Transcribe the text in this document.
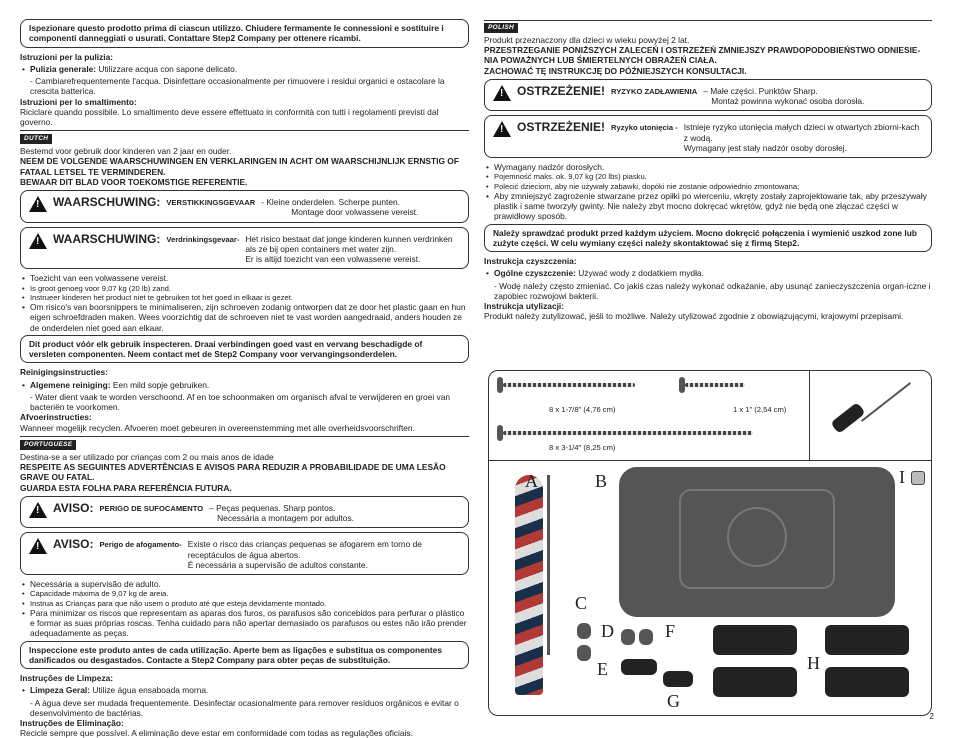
Ispezionare questo prodotto prima di ciascun utilizzo. Chiudere fermamente le connessioni e sostituire i componenti danneggiati o usurati. Contattare Step2 Company per ottenere ricambi.

Istruzioni per la pulizia:

• Pulizia generale: Utilizzare acqua con sapone delicato.

- Cambiarefrequentemente l'acqua. Disinfettare occasionalmente per rimuovere i residui organici e ostacolare la crescita batterica.

Istruzioni per lo smaltimento:

Riciclare quando possibile. Lo smaltimento deve essere effettuato in conformità con tutti i regolamenti previsti dal governo.

DUTCH

Bestemd voor gebruik door kinderen van 2 jaar en ouder.

NEEM DE VOLGENDE WAARSCHUWINGEN EN VERKLARINGEN IN ACHT OM WAARSCHIJNLIJK ERNSTIG OF FATAAL LETSEL TE VERMINDEREN.

BEWAAR DIT BLAD VOOR TOEKOMSTIGE REFERENTIE.

!
WAARSCHUWING: VERSTIKKINGSGEVAAR - Kleine onderdelen. Scherpe punten.
Montage door volwassene vereist.
!
WAARSCHUWING: Verdrinkingsgevaar- Het risico bestaat dat jonge kinderen kunnen verdrinken als ze bij open containers met water zijn.
Er is altijd toezicht van een volwassene vereist.
• Toezicht van een volwassene vereist.
• Is groot genoeg voor 9,07 kg (20 lb) zand.
• Instrueer kinderen het product niet te gebruiken tot het goed in elkaar is gezet.
• Om risico's van boorsnippers te minimaliseren, zijn schroeven zodanig ontworpen dat ze door het plastic gaan en hun eigen schroefdraden maken. Wees voorzichtig dat de schroeven niet te vast worden aangedraaid, anders houden ze de onderdelen niet goed aan elkaar.
Dit product vóór elk gebruik inspecteren. Draai verbindingen goed vast en vervang beschadigde of versleten componenten. Neem contact met de Step2 Company voor vervangingsonderdelen.

Reinigingsinstructies:

• Algemene reiniging: Een mild sopje gebruiken.

- Water dient vaak te worden verschoond. Af en toe schoonmaken om organisch afval te verwijderen en groei van bacteriën te voorkomen.

Afvoerinstructies:

Wanneer mogelijk recyclen. Afvoeren moet gebeuren in overeenstemming met alle overheidsvoorschriften.

PORTUGUESE

Destina-se a ser utilizado por crianças com 2 ou mais anos de idade

RESPEITE AS SEGUINTES ADVERTÊNCIAS E AVISOS PARA REDUZIR A PROBABILIDADE DE UMA LESÃO GRAVE OU FATAL.

GUARDA ESTA FOLHA PARA REFERÊNCIA FUTURA.

!
AVISO: PERIGO DE SUFOCAMENTO – Peças pequenas. Sharp pontos.
Necessária a montagem por adultos.
!
AVISO: Perigo de afogamento- Existe o risco das crianças pequenas se afogarem em torno de receptáculos de água abertos.
É necessária a supervisão de adultos constante.
• Necessária a supervisão de adulto.
• Capacidade máxima de 9,07 kg de areia.
• Instrua as Crianças para que não usem o produto até que esteja devidamente montado.
• Para minimizar os riscos que representam as aparas dos furos, os parafusos são concebidos para perfurar o plástico e formar as suas próprias roscas. Tenha cuidado para não apertar demasiado os parafusos ou estes não irão prender adequadamente as peças.
Inspeccione este produto antes de cada utilização. Aperte bem as ligações e substitua os componentes danificados ou desgastados. Contacte a Step2 Company para obter peças de substituição.

Instruções de Limpeza:

• Limpeza Geral: Utilize água ensaboada morna.

- A água deve ser mudada frequentemente. Desinfectar ocasionalmente para remover resíduos orgânicos e evitar o desenvolvimento de bactérias.

Instruções de Eliminação:

Recicle sempre que possível. A eliminação deve estar em conformidade com todas as regulações oficiais.

POLISH

Produkt przeznaczony dla dzieci w wieku powyżej 2 lat.

PRZESTRZEGANIE PONIŻSZYCH ZALECEŃ I OSTRZEŻEŃ ZMNIEJSZY PRAWDOPODOBIEŃSTWO ODNIESIE-NIA POWAŻNYCH LUB ŚMIERTELNYCH OBRAŻEŃ CIAŁA.

ZACHOWAĆ TĘ INSTRUKCJĘ DO PÓŹNIEJSZYCH KONSULTACJI.

!
OSTRZEŻENIE! RYZYKO ZADŁAWIENIA – Małe części. Punktów Sharp.
Montaż powinna wykonać osoba dorosła.
!
OSTRZEŻENIE! Ryzyko utonięcia - Istnieje ryzyko utonięcia małych dzieci w otwartych zbiorni-kach z wodą.
Wymagany jest stały nadzór osoby dorosłej.
• Wymagany nadzór dorosłych.
• Pojemność maks. ok. 9,07 kg (20 lbs) piasku.
• Polecić dzieciom, aby nie używały zabawki, dopóki nie zostanie odpowiednio zmontowana;
• Aby zmniejszyć zagrożenie stwarzane przez opiłki po wierceniu, wkręty zostały zaprojektowane tak, aby przeszywały plastik i same tworzyły gwinty. Nie należy zbyt mocno dokręcać wkrętów, gdyż nie będą one złączać części w prawidłowy sposób.
Należy sprawdzać produkt przed każdym użyciem. Mocno dokręcić połączenia i wymienić uszkod zone lub zużyte części. W celu wymiany części należy skontaktować się z firmą Step2.

Instrukcja czyszczenia:

• Ogólne czyszczenie: Używać wody z dodatkiem mydła.

- Wodę należy często zmieniać. Co jakiś czas należy wykonać odkażanie, aby usunąć zanieczyszczenia organ-iczne i zapobiec rozwojowi bakterii.

Instrukcja utylizacji:

Produkt należy zutylizować, jeśli to możliwe. Należy utylizować zgodnie z obowiązującymi, krajowymi przepisami.

8 x 1-7/8" (4,76 cm)	1 x 1" (2,54 cm)
8 x 3-1/4" (8,25 cm)
A	B	I
C
D	F
E
G
H
2
